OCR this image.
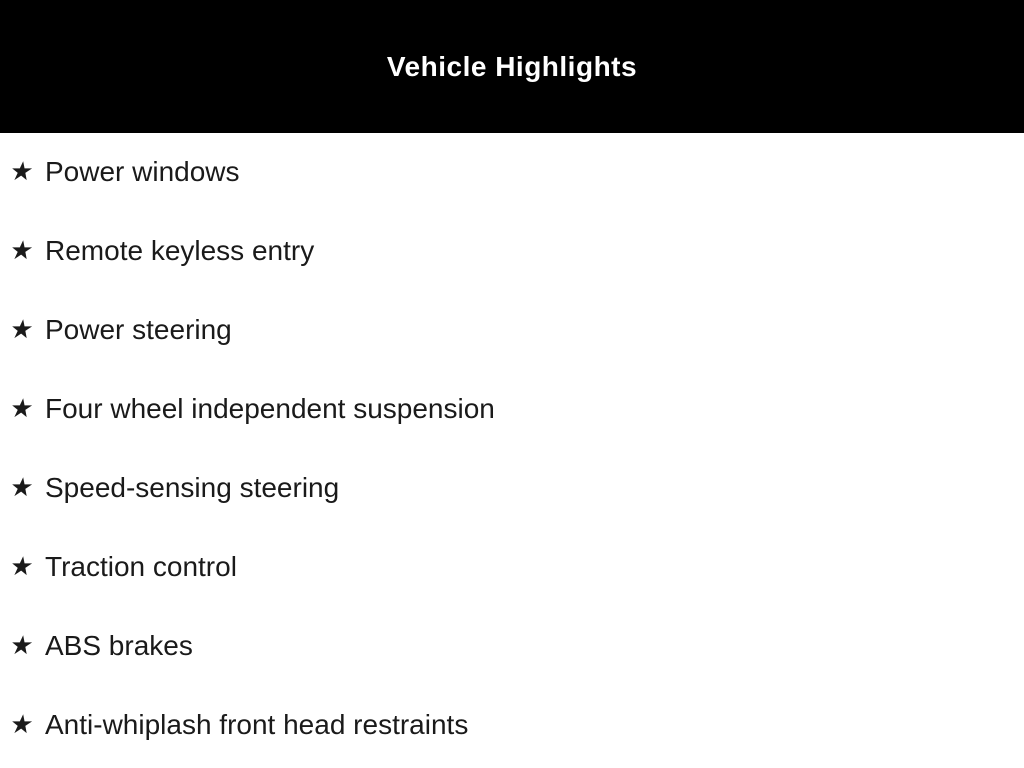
Vehicle Highlights
★ Power windows
★ Remote keyless entry
★ Power steering
★ Four wheel independent suspension
★ Speed-sensing steering
★ Traction control
★ ABS brakes
★ Anti-whiplash front head restraints
